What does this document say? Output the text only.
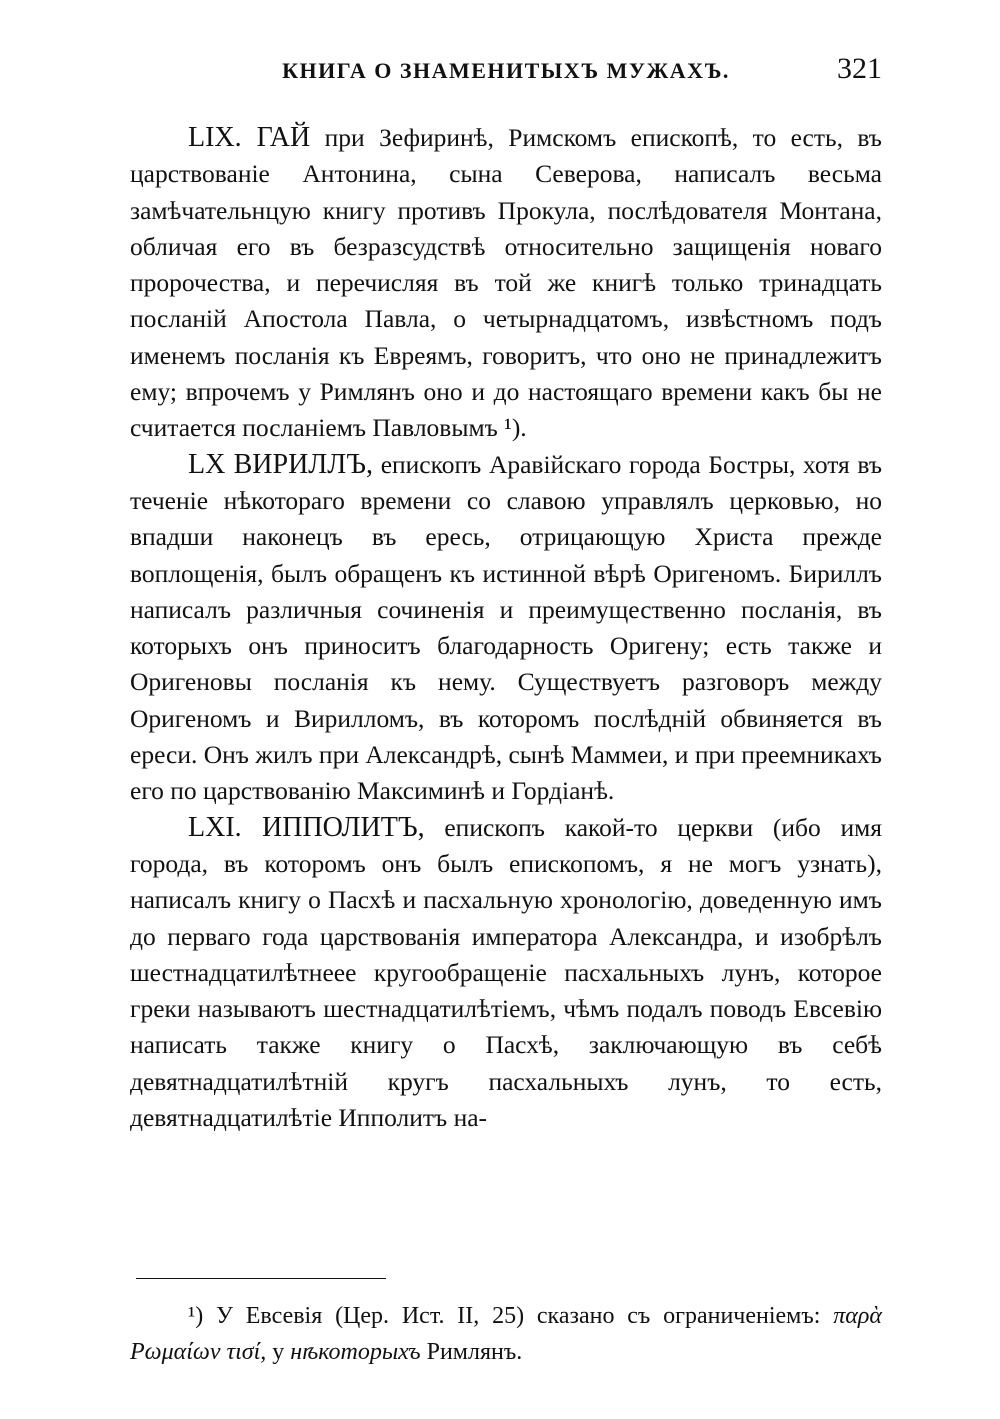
КНИГА О ЗНАМЕНИТЫХЪ МУЖАХЪ.	321

LIX. ГАЙ при Зефиринѣ, Римскомъ епископѣ, то есть, въ царствованіе Антонина, сына Северова, написалъ весьма замѣчательнцую книгу противъ Прокула, послѣдователя Монтана, обличая его въ безразсудствѣ относительно защищенія новаго пророчества, и перечисляя въ той же книгѣ только тринадцать посланій Апостола Павла, о четырнадцатомъ, извѣстномъ подъ именемъ посланія къ Евреямъ, говоритъ, что оно не принадлежитъ ему; впрочемъ у Римлянъ оно и до настоящаго времени какъ бы не считается посланіемъ Павловымъ ¹).

LX ВИРИЛЛЪ, епископъ Аравійскаго города Бостры, хотя въ теченіе нѣкотораго времени со славою управлялъ церковью, но впадши наконецъ въ ересь, отрицающую Христа прежде воплощенія, былъ обращенъ къ истинной вѣрѣ Оригеномъ. Бириллъ написалъ различныя сочиненія и преимущественно посланія, въ которыхъ онъ приноситъ благодарность Оригену; есть также и Оригеновы посланія къ нему. Существуетъ разговоръ между Оригеномъ и Вирилломъ, въ которомъ послѣдній обвиняется въ ереси. Онъ жилъ при Александрѣ, сынѣ Маммеи, и при преемникахъ его по царствованію Максиминѣ и Гордіанѣ.

LXI. ИППОЛИТЪ, епископъ какой-то церкви (ибо имя города, въ которомъ онъ былъ епископомъ, я не могъ узнать), написалъ книгу о Пасхѣ и пасхальную хронологію, доведенную имъ до перваго года царствованія императора Александра, и изобрѣлъ шестнадцатилѣтнеее кругообращеніе пасхальныхъ лунъ, которое греки называютъ шестнадцатилѣтіемъ, чѣмъ подалъ поводъ Евсевію написать также книгу о Пасхѣ, заключающую въ себѣ девятнадцатилѣтній кругъ пасхальныхъ лунъ, то есть, девятнадцатилѣтіе Ипполитъ на-

¹) У Евсевія (Цер. Ист. II, 25) сказано съ ограниченіемъ: παρὰ Ρωμαίων τισί, у нѣкоторыхъ Римлянъ.
